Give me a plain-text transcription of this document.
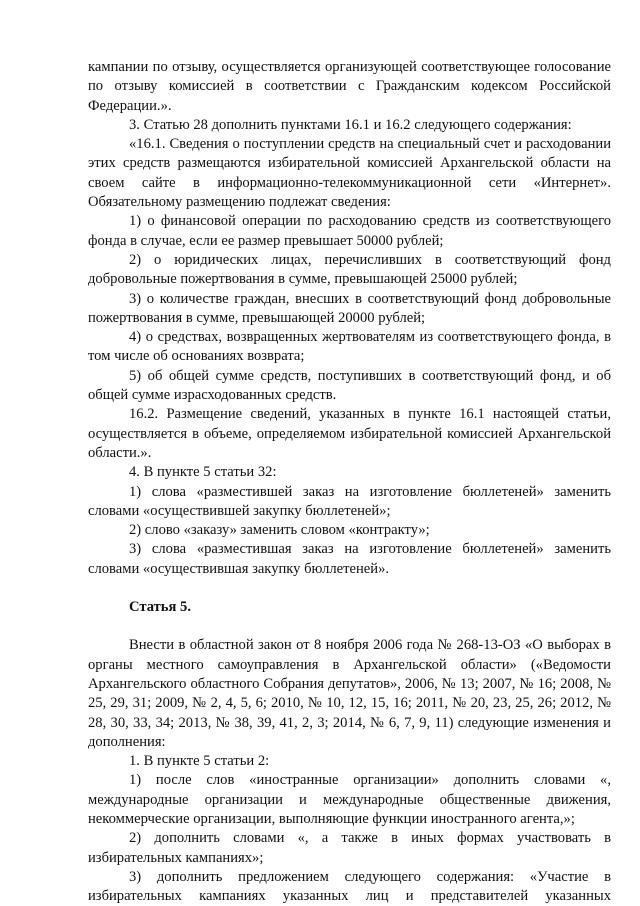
кампании по отзыву, осуществляется организующей соответствующее голосование по отзыву комиссией в соответствии с Гражданским кодексом Российской Федерации.».

3. Статью 28 дополнить пунктами 16.1 и 16.2 следующего содержания:

«16.1. Сведения о поступлении средств на специальный счет и расходовании этих средств размещаются избирательной комиссией Архангельской области на своем сайте в информационно-телекоммуникационной сети «Интернет». Обязательному размещению подлежат сведения:

1) о финансовой операции по расходованию средств из соответствующего фонда в случае, если ее размер превышает 50000 рублей;

2) о юридических лицах, перечисливших в соответствующий фонд добровольные пожертвования в сумме, превышающей 25000 рублей;

3) о количестве граждан, внесших в соответствующий фонд добровольные пожертвования в сумме, превышающей 20000 рублей;

4) о средствах, возвращенных жертвователям из соответствующего фонда, в том числе об основаниях возврата;

5) об общей сумме средств, поступивших в соответствующий фонд, и об общей сумме израсходованных средств.

16.2. Размещение сведений, указанных в пункте 16.1 настоящей статьи, осуществляется в объеме, определяемом избирательной комиссией Архангельской области.».

4. В пункте 5 статьи 32:

1) слова «разместившей заказ на изготовление бюллетеней» заменить словами «осуществившей закупку бюллетеней»;

2) слово «заказу» заменить словом «контракту»;

3) слова «разместившая заказ на изготовление бюллетеней» заменить словами «осуществившая закупку бюллетеней».

Статья 5.

Внести в областной закон от 8 ноября 2006 года № 268-13-ОЗ «О выборах в органы местного самоуправления в Архангельской области» («Ведомости Архангельского областного Собрания депутатов», 2006, № 13; 2007, № 16; 2008, № 25, 29, 31; 2009, № 2, 4, 5, 6; 2010, № 10, 12, 15, 16; 2011, № 20, 23, 25, 26; 2012, № 28, 30, 33, 34; 2013, № 38, 39, 41, 2, 3; 2014, № 6, 7, 9, 11) следующие изменения и дополнения:

1. В пункте 5 статьи 2:

1) после слов «иностранные организации» дополнить словами «, международные организации и международные общественные движения, некоммерческие организации, выполняющие функции иностранного агента,»;

2) дополнить словами «, а также в иных формах участвовать в избирательных кампаниях»;

3) дополнить предложением следующего содержания: «Участие в избирательных кампаниях указанных лиц и представителей указанных
